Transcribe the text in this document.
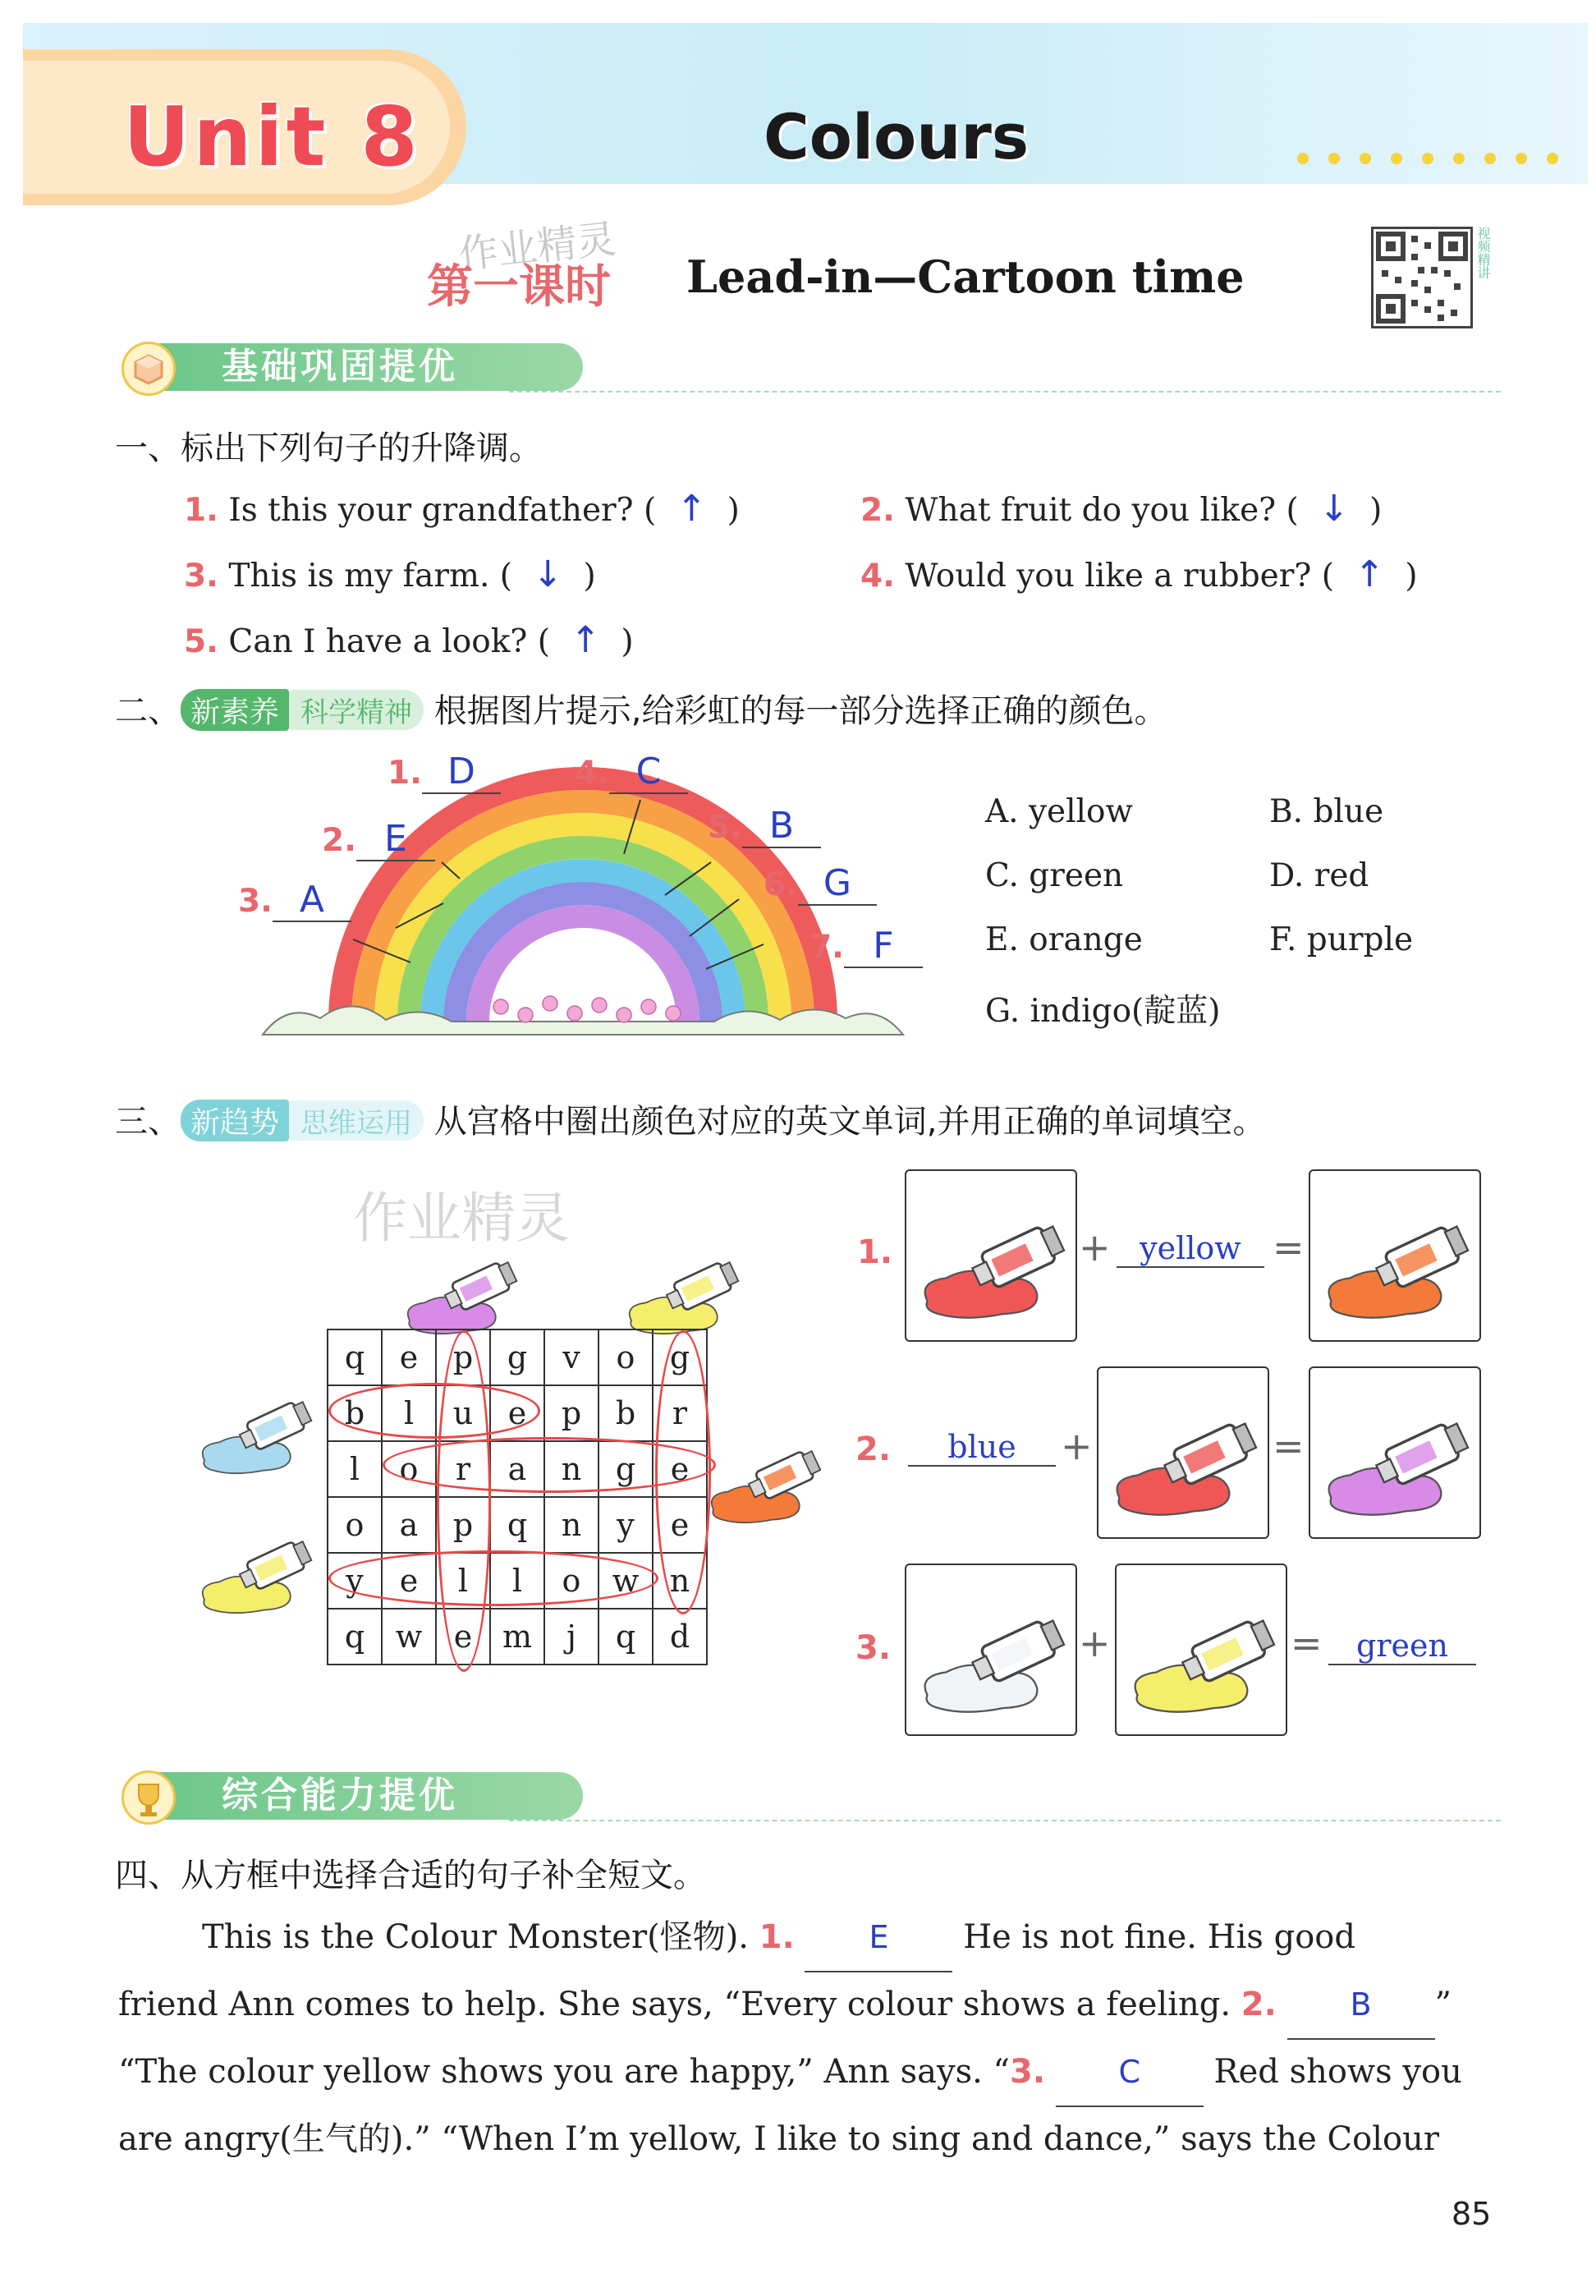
Unit 8	Colours
作业精灵
第一课时 Lead-in—Cartoon time	视频精讲
基础巩固提优
一、标出下列句子的升降调。
1. Is this your grandfather? (  ↑  )	2. What fruit do you like? (  ↓  )
3. This is my farm. (  ↓  )	4. Would you like a rubber? (  ↑  )
5. Can I have a look? (  ↑  )
二、 新素养 科学精神 根据图片提示,给彩虹的每一部分选择正确的颜色。
1. D
2. E
3. A
4. C
5. B
6. G
7. F
A. yellow	B. blue
C. green	D. red
E. orange	F. purple
G. indigo(靛蓝)
三、 新趋势 思维运用 从宫格中圈出颜色对应的英文单词,并用正确的单词填空。
作业精灵
q	e	p	g	v	o	g
b	l	u	e	p	b	r
l	o	r	a	n	g	e
o	a	p	q	n	y	e
y	e	l	l	o	w	n
q	w	e	m	j	q	d
1.	+ yellow =
2.	blue	+	=
3.	+	=	green
综合能力提优
四、从方框中选择合适的句子补全短文。
This is the Colour Monster(怪物). 1. E He is not fine. His good
friend Ann comes to help. She says, “Every colour shows a feeling. 2. B ”
“The colour yellow shows you are happy,” Ann says. “3. C Red shows you
are angry(生气的).” “When I’m yellow, I like to sing and dance,” says the Colour
85
